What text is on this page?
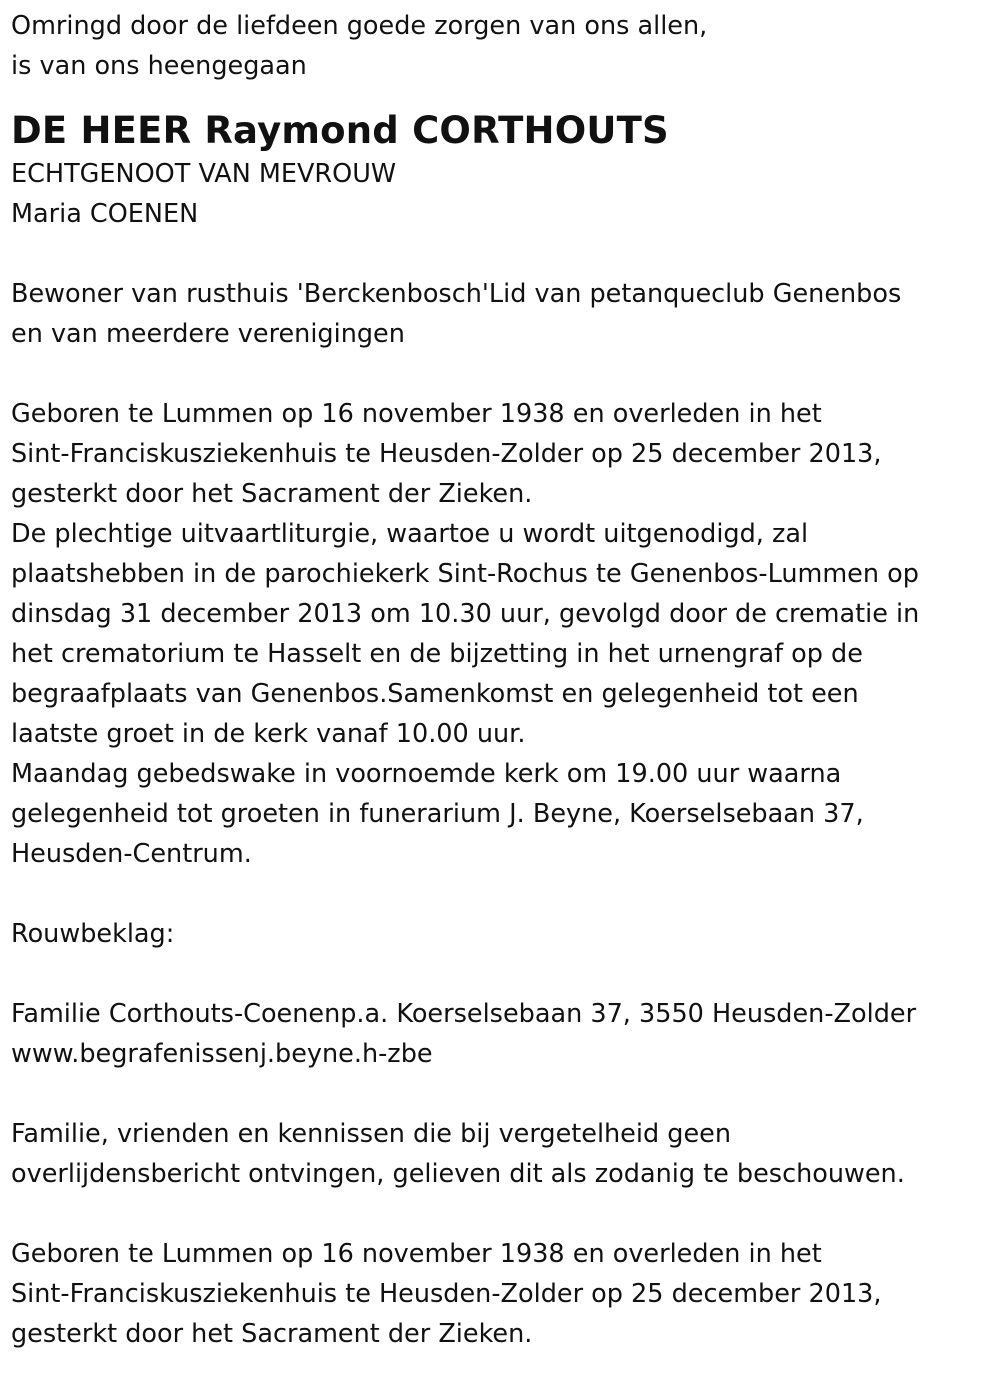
Omringd door de liefdeen goede zorgen van ons allen,

is van ons heengegaan

DE HEER Raymond CORTHOUTS

ECHTGENOOT VAN MEVROUW

Maria COENEN

Bewoner van rusthuis 'Berckenbosch'Lid van petanqueclub Genenbos

en van meerdere verenigingen

Geboren te Lummen op 16 november 1938 en overleden in het

Sint-Franciskusziekenhuis te Heusden-Zolder op 25 december 2013,

gesterkt door het Sacrament der Zieken.

De plechtige uitvaartliturgie, waartoe u wordt uitgenodigd, zal

plaatshebben in de parochiekerk Sint-Rochus te Genenbos-Lummen op

dinsdag 31 december 2013 om 10.30 uur, gevolgd door de crematie in

het crematorium te Hasselt en de bijzetting in het urnengraf op de

begraafplaats van Genenbos.Samenkomst en gelegenheid tot een

laatste groet in de kerk vanaf 10.00 uur.

Maandag gebedswake in voornoemde kerk om 19.00 uur waarna

gelegenheid tot groeten in funerarium J. Beyne, Koerselsebaan 37,

Heusden-Centrum.

Rouwbeklag:

Familie Corthouts-Coenenp.a. Koerselsebaan 37, 3550 Heusden-Zolder

www.begrafenissenj.beyne.h-zbe

Familie, vrienden en kennissen die bij vergetelheid geen

overlijdensbericht ontvingen, gelieven dit als zodanig te beschouwen.

Geboren te Lummen op 16 november 1938 en overleden in het

Sint-Franciskusziekenhuis te Heusden-Zolder op 25 december 2013,

gesterkt door het Sacrament der Zieken.
